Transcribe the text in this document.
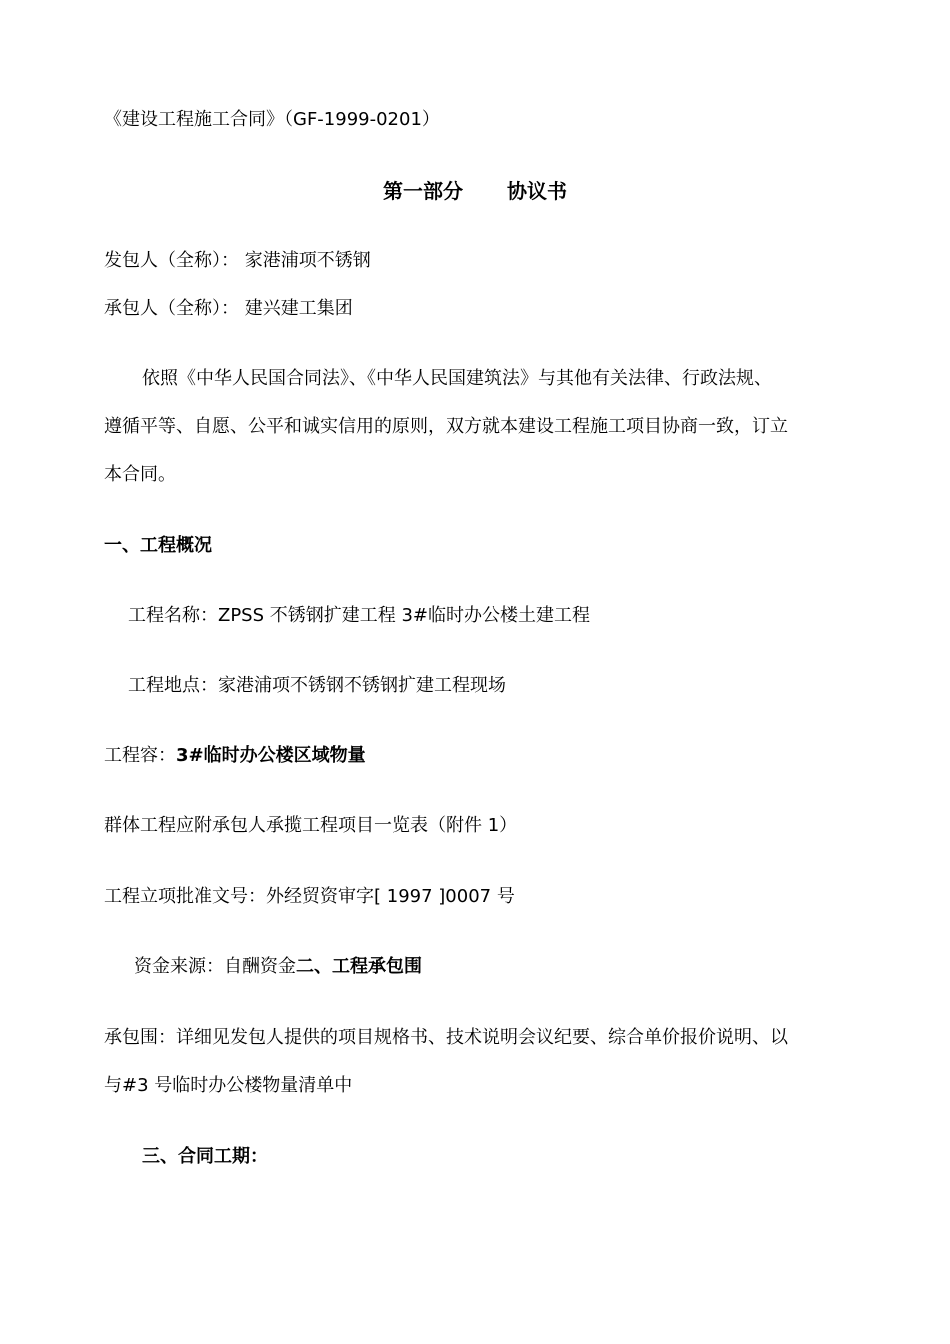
《建设工程施工合同》（GF-1999-0201）

第一部分 协议书

发包人（全称）： 家港浦项不锈钢

承包人（全称）： 建兴建工集团

依照《中华人民国合同法》、《中华人民国建筑法》与其他有关法律、行政法规、

遵循平等、自愿、公平和诚实信用的原则，双方就本建设工程施工项目协商一致，订立

本合同。

一、工程概况

工程名称：ZPSS 不锈钢扩建工程 3#临时办公楼土建工程

工程地点：家港浦项不锈钢不锈钢扩建工程现场

工程容：3#临时办公楼区域物量

群体工程应附承包人承揽工程项目一览表（附件 1）

工程立项批准文号：外经贸资审字[ 1997 ]0007 号

资金来源：自酬资金二、工程承包围

承包围：详细见发包人提供的项目规格书、技术说明会议纪要、综合单价报价说明、以

与#3 号临时办公楼物量清单中

三、合同工期：
